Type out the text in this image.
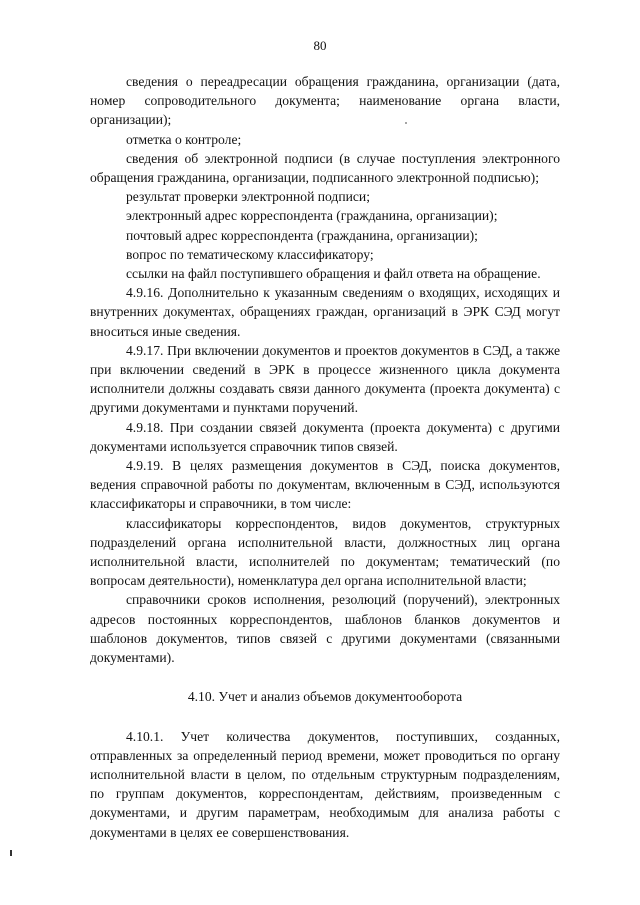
80

сведения о переадресации обращения гражданина, организации (дата, номер сопроводительного документа; наименование органа власти, организации);

отметка о контроле;

сведения об электронной подписи (в случае поступления электронного обращения гражданина, организации, подписанного электронной подписью);

результат проверки электронной подписи;

электронный адрес корреспондента (гражданина, организации);

почтовый адрес корреспондента (гражданина, организации);

вопрос по тематическому классификатору;

ссылки на файл поступившего обращения и файл ответа на обращение.

4.9.16. Дополнительно к указанным сведениям о входящих, исходящих и внутренних документах, обращениях граждан, организаций в ЭРК СЭД могут вноситься иные сведения.

4.9.17. При включении документов и проектов документов в СЭД, а также при включении сведений в ЭРК в процессе жизненного цикла документа исполнители должны создавать связи данного документа (проекта документа) с другими документами и пунктами поручений.

4.9.18. При создании связей документа (проекта документа) с другими документами используется справочник типов связей.

4.9.19. В целях размещения документов в СЭД, поиска документов, ведения справочной работы по документам, включенным в СЭД, используются классификаторы и справочники, в том числе:

классификаторы корреспондентов, видов документов, структурных подразделений органа исполнительной власти, должностных лиц органа исполнительной власти, исполнителей по документам; тематический (по вопросам деятельности), номенклатура дел органа исполнительной власти;

справочники сроков исполнения, резолюций (поручений), электронных адресов постоянных корреспондентов, шаблонов бланков документов и шаблонов документов, типов связей с другими документами (связанными документами).

4.10. Учет и анализ объемов документооборота

4.10.1. Учет количества документов, поступивших, созданных, отправленных за определенный период времени, может проводиться по органу исполнительной власти в целом, по отдельным структурным подразделениям, по группам документов, корреспондентам, действиям, произведенным с документами, и другим параметрам, необходимым для анализа работы с документами в целях ее совершенствования.
